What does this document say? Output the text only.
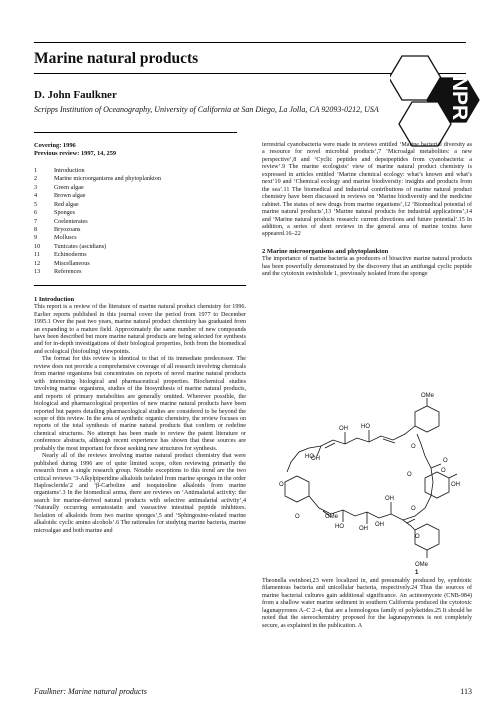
Marine natural products
D. John Faulkner
Scripps Institution of Oceanography, University of California at San Diego, La Jolla, CA 92093-0212, USA	NPR
Covering: 1996
Previous review: 1997, 14, 259
1	Introduction
2	Marine microorganisms and phytoplankton
3	Green algae
4	Brown algae
5	Red algae
6	Sponges
7	Coelenterates
8	Bryozoans
9	Molluscs
10	Tunicates (ascidians)
11	Echinoderms
12	Miscellaneous
13	References
1 Introduction

This report is a review of the literature of marine natural product chemistry for 1996. Earlier reports published in this journal cover the period from 1977 to December 1995.1 Over the past two years, marine natural product chemistry has graduated from an expanding to a mature field. Approximately the same number of new compounds have been described but more marine natural products are being selected for synthesis and for in-depth investigations of their biological properties, both from the biomedical and ecological (biofouling) viewpoints.

The format for this review is identical to that of its immediate predecessor. The review does not provide a comprehensive coverage of all research involving chemicals from marine organisms but concentrates on reports of novel marine natural products with interesting biological and pharmaceutical properties. Biochemical studies involving marine organisms, studies of the biosynthesis of marine natural products, and reports of primary metabolites are generally omitted. Wherever possible, the biological and pharmacological properties of new marine natural products have been reported but papers detailing pharmacological studies are considered to be beyond the scope of this review. In the area of synthetic organic chemistry, the review focuses on reports of the total synthesis of marine natural products that confirm or redefine chemical structures. No attempt has been made to review the patent literature or conference abstracts, although recent experience has shown that these sources are probably the most important for those seeking new structures for synthesis.

Nearly all of the reviews involving marine natural product chemistry that were published during 1996 are of quite limited scope, often reviewing primarily the research from a single research group. Notable exceptions to this trend are the two critical reviews ‘3-Alkylpiperidine alkaloids isolated from marine sponges in the order Haplosclerida’2 and ‘β-Carboline and isoquinoline alkaloids from marine organisms’.3 In the biomedical arena, there are reviews on ‘Antimalarial activity: the search for marine-derived natural products with selective antimalarial activity’,4 ‘Naturally occurring somatostatin and vasoactive intestinal peptide inhibitors. Isolation of alkaloids from two marine sponges’,5 and ‘Sphingosine-related marine alkaloids: cyclic amino alcohols’.6 The rationales for studying marine bacteria, marine microalgae and both marine and

terrestrial cyanobacteria were made in reviews entitled ‘Marine bacterial diversity as a resource for novel microbial products’,7 ‘Microalgal metabolites: a new perspective’,8 and ‘Cyclic peptides and depsipeptides from cyanobacteria: a review’.9 The marine ecologists’ view of marine natural product chemistry is expressed in articles entitled ‘Marine chemical ecology: what’s known and what’s next’10 and ‘Chemical ecology and marine biodiversity: insights and products from the sea’.11 The biomedical and industrial contributions of marine natural product chemistry have been discussed in reviews on ‘Marine biodiversity and the medicine cabinet. The status of new drugs from marine organisms’,12 ‘Biomedical potential of marine natural products’,13 ‘Marine natural products for industrial applications’,14 and ‘Marine natural products research: current directions and future potential’.15 In addition, a series of short reviews in the general area of marine toxins have appeared.16–22

2 Marine microorganisms and phytoplankton

The importance of marine bacteria as producers of bioactive marine natural products has been powerfully demonstrated by the discovery that an antifungal cyclic peptide and the cytotoxin swinholide 1, previously isolated from the sponge

OMe
HO
OH
HO
OH
O
O
O
O
HO	OH
OH
OMe
O
O
OMe
OH
O
O
OH
1

Theonella swinhoei,23 were localized in, and presumably produced by, symbiotic filamentous bacteria and unicellular bacteria, respectively.24 Thus the sources of marine bacterial cultures gain additional significance. An actinomycete (CNB-984) from a shallow water marine sediment in southern California produced the cytotoxic lagunapyrones A–C 2–4, that are a homologous family of polyketides.25 It should be noted that the stereochemistry proposed for the lagunapyrones is not completely secure, as explained in the publication. A

Faulkner: Marine natural products	113
